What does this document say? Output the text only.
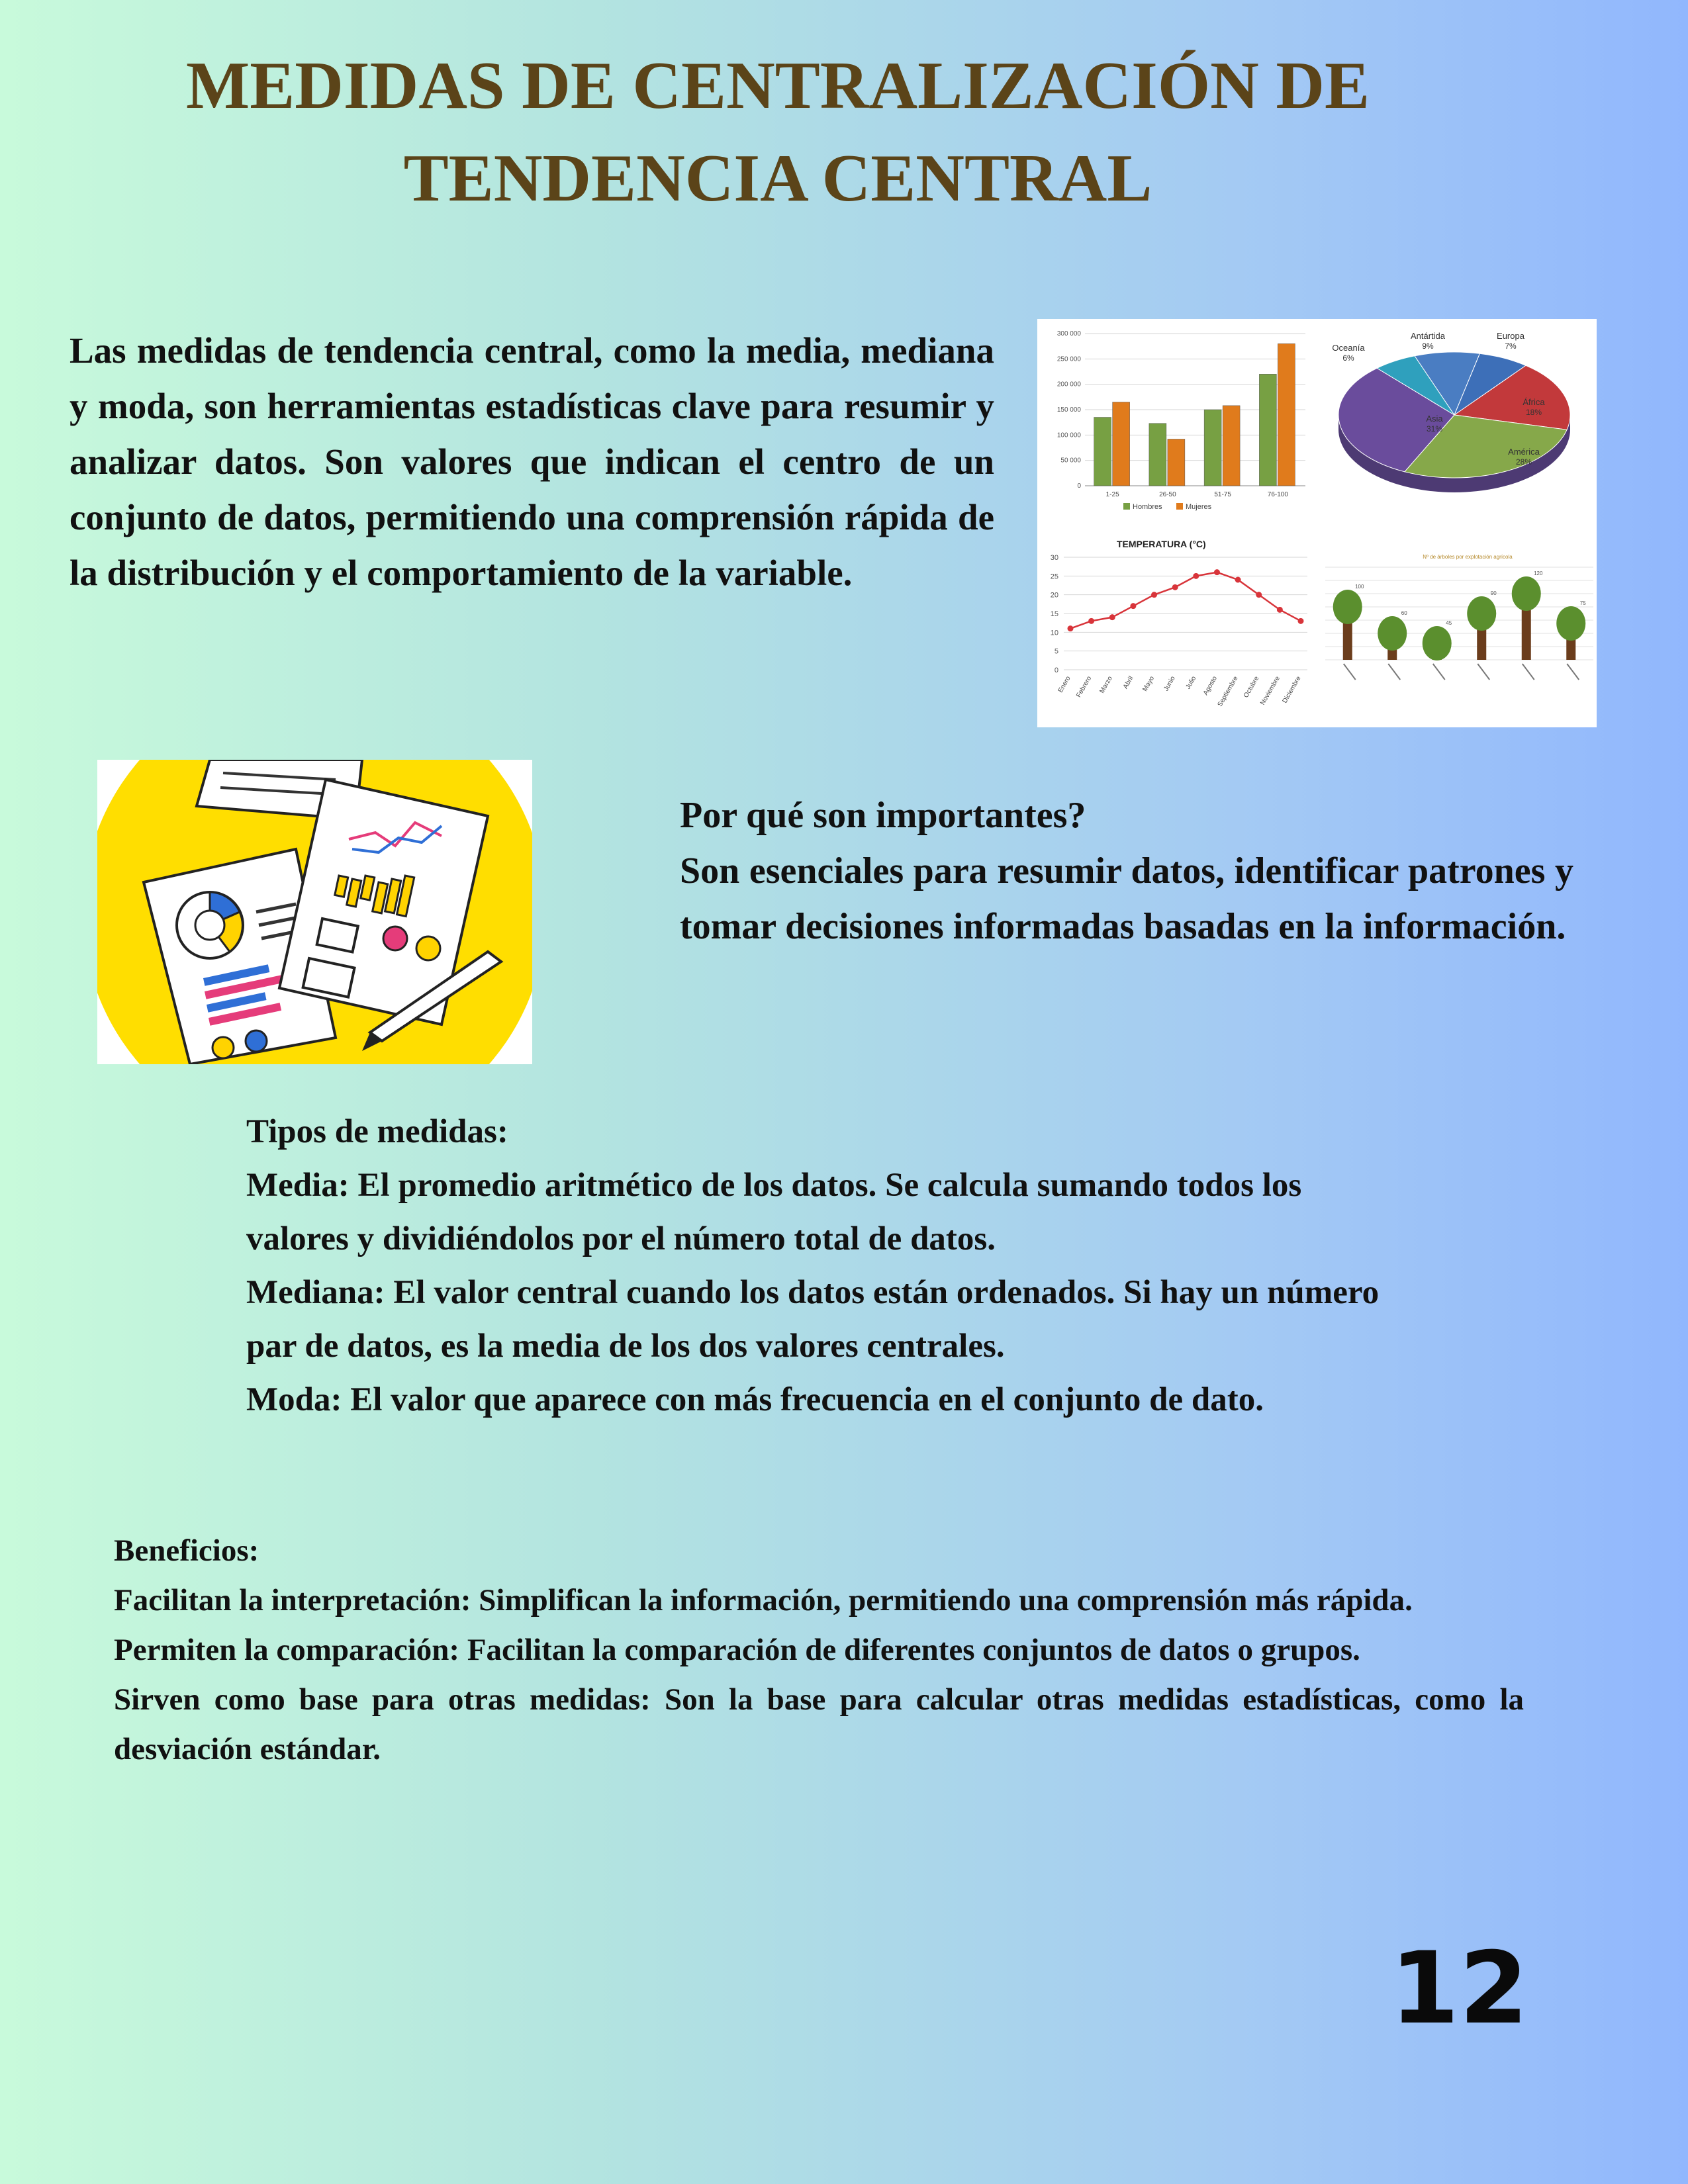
MEDIDAS DE CENTRALIZACIÓN DE TENDENCIA CENTRAL

Las medidas de tendencia central, como la media, mediana y moda, son herramientas estadísticas clave para resumir y analizar datos. Son valores que indican el centro de un conjunto de datos, permitiendo una comprensión rápida de la distribución y el comportamiento de la variable.

0
50 000
100 000
150 000
200 000
250 000
300 000
1-25	26-50	51-75	76-100
Hombres	Mujeres
Antártida
9%
Europa
7%
África
18%
América
28%
Asia
31%
Oceanía
6%
TEMPERATURA (°C)
0
5
10
15
20
25
30
Enero Febrero Marzo Abril Mayo Junio Julio Agosto
Septiembre Octubre
Noviembre Diciembre
Nº de árboles por explotación agrícola
100
60
45
90
120
75
Por qué son importantes?
Son esenciales para resumir datos, identificar patrones y tomar decisiones informadas basadas en la información.
Tipos de medidas:
Media: El promedio aritmético de los datos. Se calcula sumando todos los valores y dividiéndolos por el número total de datos.
Mediana: El valor central cuando los datos están ordenados. Si hay un número par de datos, es la media de los dos valores centrales.
Moda: El valor que aparece con más frecuencia en el conjunto de dato.
Beneficios:
Facilitan la interpretación: Simplifican la información, permitiendo una comprensión más rápida.
Permiten la comparación: Facilitan la comparación de diferentes conjuntos de datos o grupos.
Sirven como base para otras medidas: Son la base para calcular otras medidas estadísticas, como la desviación estándar.
12
